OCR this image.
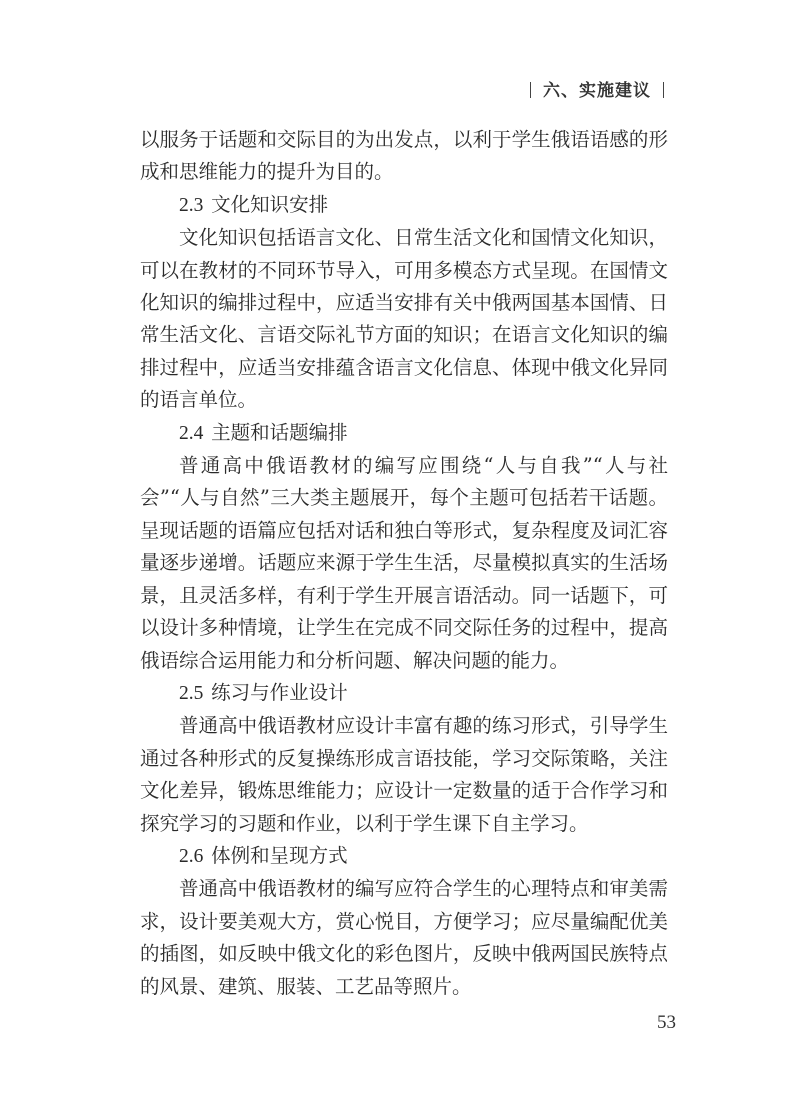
六、实施建议

以服务于话题和交际目的为出发点，以利于学生俄语语感的形成和思维能力的提升为目的。

2.3 文化知识安排

文化知识包括语言文化、日常生活文化和国情文化知识，可以在教材的不同环节导入，可用多模态方式呈现。在国情文化知识的编排过程中，应适当安排有关中俄两国基本国情、日常生活文化、言语交际礼节方面的知识；在语言文化知识的编排过程中，应适当安排蕴含语言文化信息、体现中俄文化异同的语言单位。

2.4 主题和话题编排

普通高中俄语教材的编写应围绕“人与自我”“人与社会”“人与自然”三大类主题展开，每个主题可包括若干话题。呈现话题的语篇应包括对话和独白等形式，复杂程度及词汇容量逐步递增。话题应来源于学生生活，尽量模拟真实的生活场景，且灵活多样，有利于学生开展言语活动。同一话题下，可以设计多种情境，让学生在完成不同交际任务的过程中，提高俄语综合运用能力和分析问题、解决问题的能力。

2.5 练习与作业设计

普通高中俄语教材应设计丰富有趣的练习形式，引导学生通过各种形式的反复操练形成言语技能，学习交际策略，关注文化差异，锻炼思维能力；应设计一定数量的适于合作学习和探究学习的习题和作业，以利于学生课下自主学习。

2.6 体例和呈现方式

普通高中俄语教材的编写应符合学生的心理特点和审美需求，设计要美观大方，赏心悦目，方便学习；应尽量编配优美的插图，如反映中俄文化的彩色图片，反映中俄两国民族特点的风景、建筑、服装、工艺品等照片。

53
